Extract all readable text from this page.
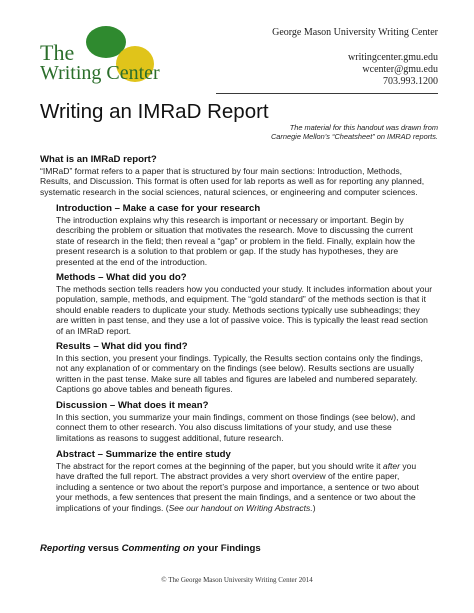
The
Writing Center
George Mason University Writing Center
writingcenter.gmu.edu
wcenter@gmu.edu
703.993.1200
Writing an IMRaD Report
The material for this handout was drawn from
Carnegie Mellon’s “Cheatsheet” on IMRAD reports.
What is an IMRaD report?
“IMRaD” format refers to a paper that is structured by four main sections: Introduction, Methods,
Results, and Discussion. This format is often used for lab reports as well as for reporting any planned,
systematic research in the social sciences, natural sciences, or engineering and computer sciences.
Introduction – Make a case for your research
The introduction explains why this research is important or necessary or important. Begin by
describing the problem or situation that motivates the research. Move to discussing the current
state of research in the field; then reveal a “gap” or problem in the field. Finally, explain how the
present research is a solution to that problem or gap. If the study has hypotheses, they are
presented at the end of the introduction.
Methods – What did you do?
The methods section tells readers how you conducted your study. It includes information about your
population, sample, methods, and equipment. The “gold standard” of the methods section is that it
should enable readers to duplicate your study. Methods sections typically use subheadings; they
are written in past tense, and they use a lot of passive voice. This is typically the least read section
of an IMRaD report.
Results – What did you find?
In this section, you present your findings. Typically, the Results section contains only the findings,
not any explanation of or commentary on the findings (see below). Results sections are usually
written in the past tense. Make sure all tables and figures are labeled and numbered separately.
Captions go above tables and beneath figures.
Discussion – What does it mean?
In this section, you summarize your main findings, comment on those findings (see below), and
connect them to other research. You also discuss limitations of your study, and use these
limitations as reasons to suggest additional, future research.
Abstract – Summarize the entire study
The abstract for the report comes at the beginning of the paper, but you should write it after you
have drafted the full report. The abstract provides a very short overview of the entire paper,
including a sentence or two about the report’s purpose and importance, a sentence or two about
your methods, a few sentences that present the main findings, and a sentence or two about the
implications of your findings. (See our handout on Writing Abstracts.)
Reporting versus Commenting on your Findings
© The George Mason University Writing Center 2014
